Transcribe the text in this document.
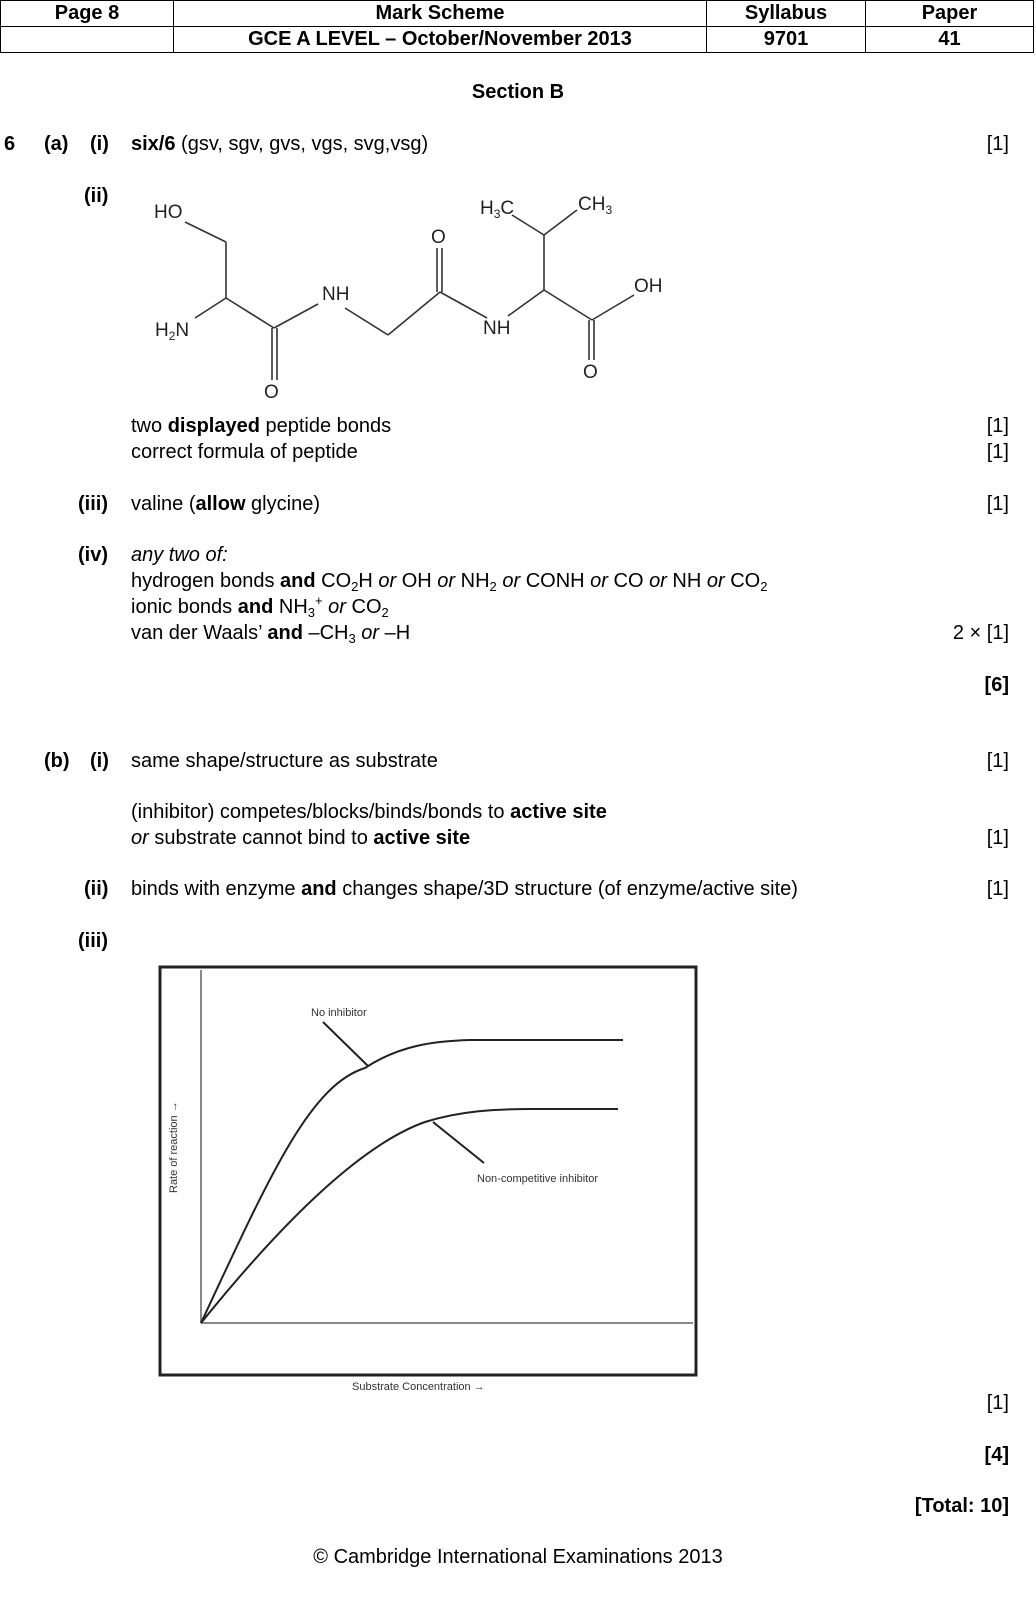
Page 8	Mark Scheme	Syllabus	Paper
	GCE A LEVEL – October/November 2013	9701	41
Section B
6 (a) (i) six/6 (gsv, sgv, gvs, vgs, svg,vsg)	[1]
(ii)
HO
$H_2N$
NH
O
O
NH
$H_3C$	$CH_3$
OH
O
two displayed peptide bonds	[1]
correct formula of peptide	[1]
(iii) valine (allow glycine)	[1]
(iv) any two of:
hydrogen bonds and $CO_2H$ or OH or $NH_2$ or CONH or CO or NH or $CO_2$
ionic bonds and $NH_3^+$ or $CO_2$
van der Waals’ and $-CH_3$ or –H	2 × [1]
[6]
(b) (i) same shape/structure as substrate	[1]
(inhibitor) competes/blocks/binds/bonds to active site
or substrate cannot bind to active site	[1]
(ii) binds with enzyme and changes shape/3D structure (of enzyme/active site)	[1]
(iii)
No inhibitor
Non-competitive inhibitor
Substrate Concentration →
Rate of reaction →
[1]
[4]
[Total: 10]
© Cambridge International Examinations 2013
